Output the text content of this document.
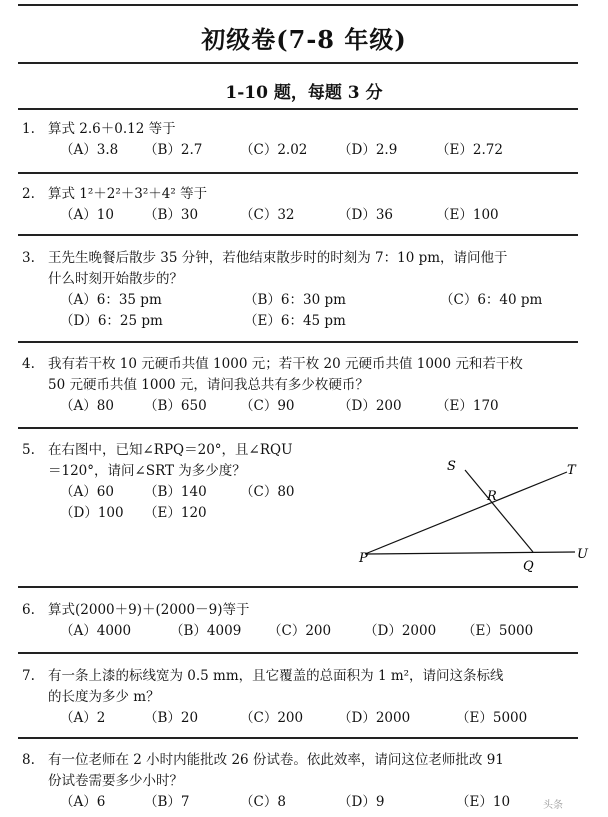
初级卷(7-8 年级)
1-10 题，每题 3 分
1. 算式 2.6＋0.12 等于
（A）3.8	（B）2.7	（C）2.02	（D）2.9	（E）2.72
2. 算式 1²＋2²＋3²＋4² 等于
（A）10	（B）30	（C）32	（D）36	（E）100
3. 王先生晚餐后散步 35 分钟，若他结束散步时的时刻为 7：10 pm，请问他于
什么时刻开始散步的？
（A）6：35 pm	（B）6：30 pm	（C）6：40 pm
（D）6：25 pm	（E）6：45 pm
4. 我有若干枚 10 元硬币共值 1000 元；若干枚 20 元硬币共值 1000 元和若干枚
50 元硬币共值 1000 元，请问我总共有多少枚硬币？
（A）80	（B）650	（C）90	（D）200	（E）170
5. 在右图中，已知∠RPQ＝20°，且∠RQU
＝120°，请问∠SRT 为多少度？
（A）60	（B）140	（C）80
（D）100	（E）120
S	T
R
P
Q
U
6. 算式(2000＋9)＋(2000－9)等于
（A）4000	（B）4009	（C）200	（D）2000	（E）5000
7. 有一条上漆的标线宽为 0.5 mm，且它覆盖的总面积为 1 m²，请问这条标线
的长度为多少 m？
（A）2	（B）20	（C）200	（D）2000	（E）5000
8. 有一位老师在 2 小时内能批改 26 份试卷。依此效率，请问这位老师批改 91
份试卷需要多少小时？
（A）6	（B）7	（C）8	（D）9	（E）10	头条
